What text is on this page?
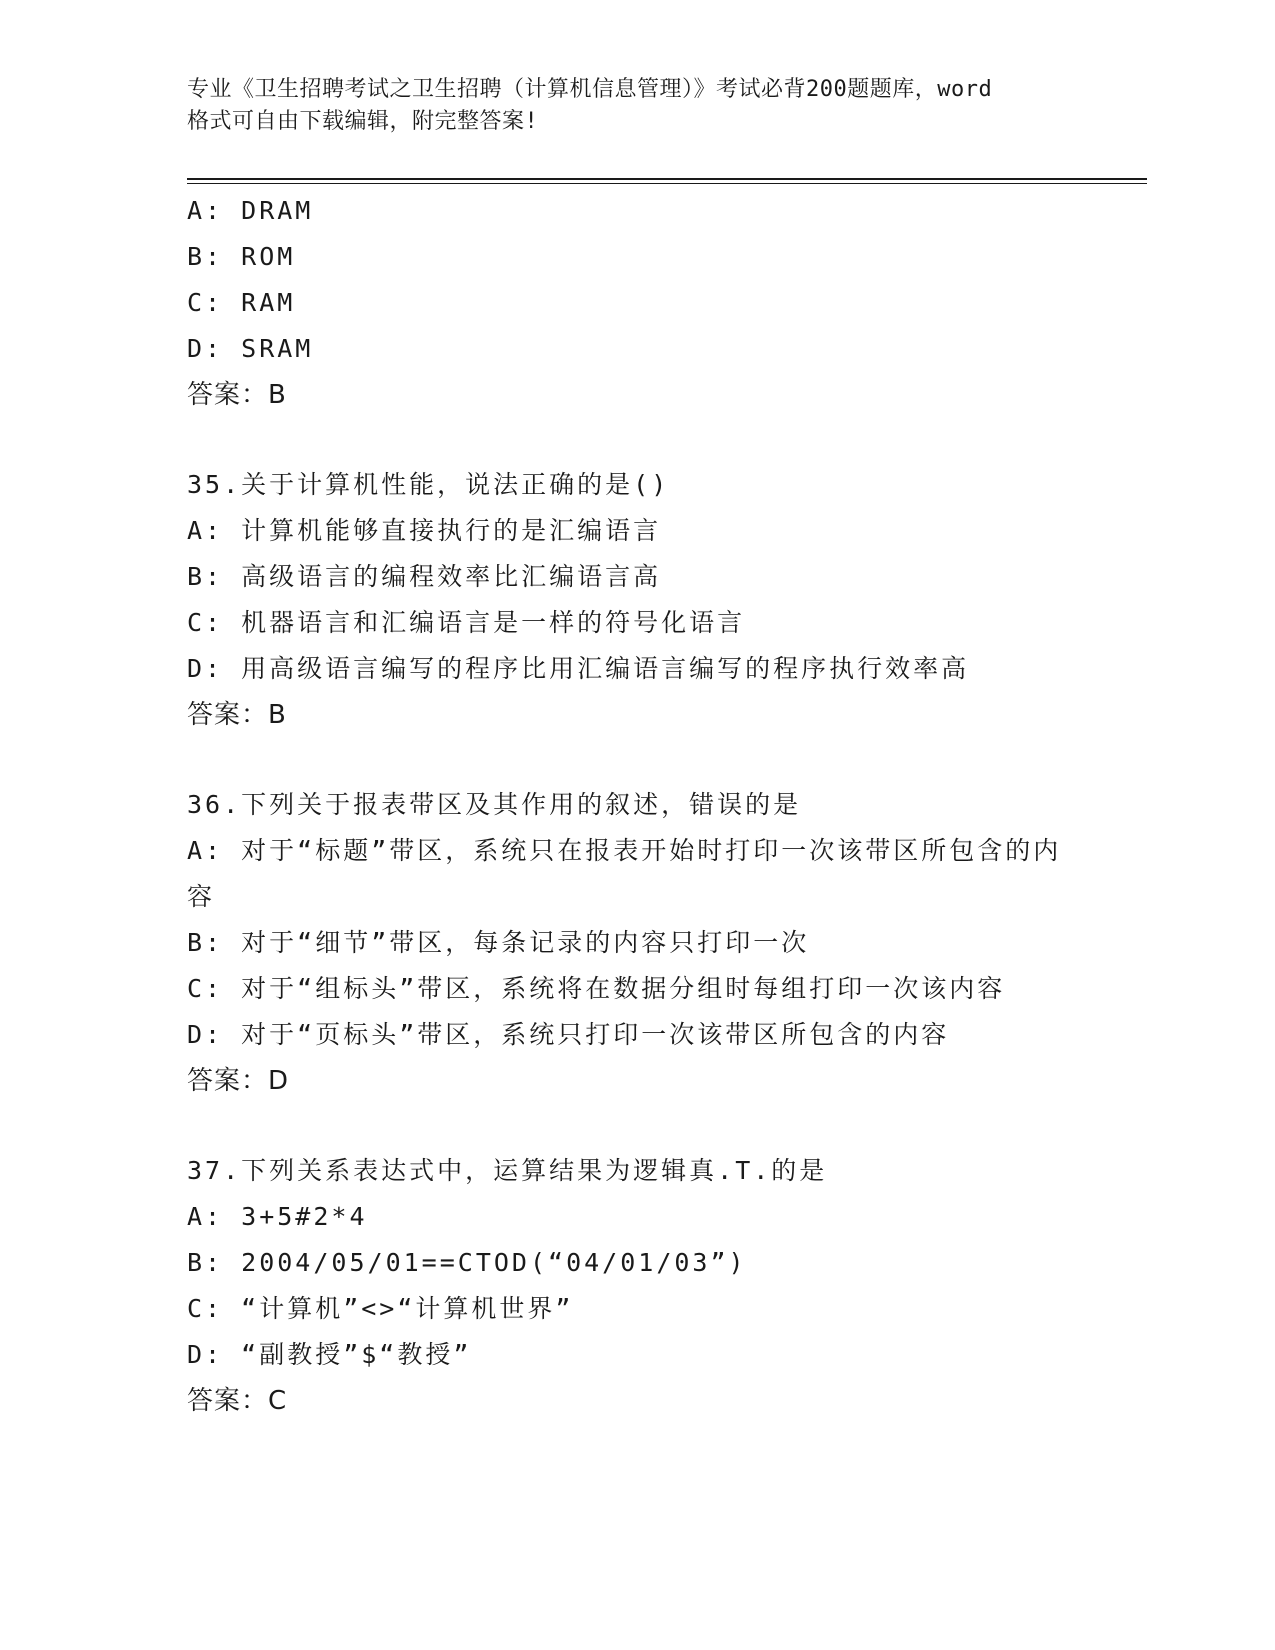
专业《卫生招聘考试之卫生招聘（计算机信息管理）》考试必背200题题库，word
格式可自由下载编辑，附完整答案!
A: DRAM
B: ROM
C: RAM
D: SRAM
答案：B
35.关于计算机性能，说法正确的是()
A: 计算机能够直接执行的是汇编语言
B: 高级语言的编程效率比汇编语言高
C: 机器语言和汇编语言是一样的符号化语言
D: 用高级语言编写的程序比用汇编语言编写的程序执行效率高
答案：B
36.下列关于报表带区及其作用的叙述，错误的是
A: 对于“标题”带区，系统只在报表开始时打印一次该带区所包含的内容
B: 对于“细节”带区，每条记录的内容只打印一次
C: 对于“组标头”带区，系统将在数据分组时每组打印一次该内容
D: 对于“页标头”带区，系统只打印一次该带区所包含的内容
答案：D
37.下列关系表达式中，运算结果为逻辑真.T.的是
A: 3+5#2*4
B: 2004/05/01==CTOD(“04/01/03”)
C: “计算机”<>“计算机世界”
D: “副教授”$“教授”
答案：C
